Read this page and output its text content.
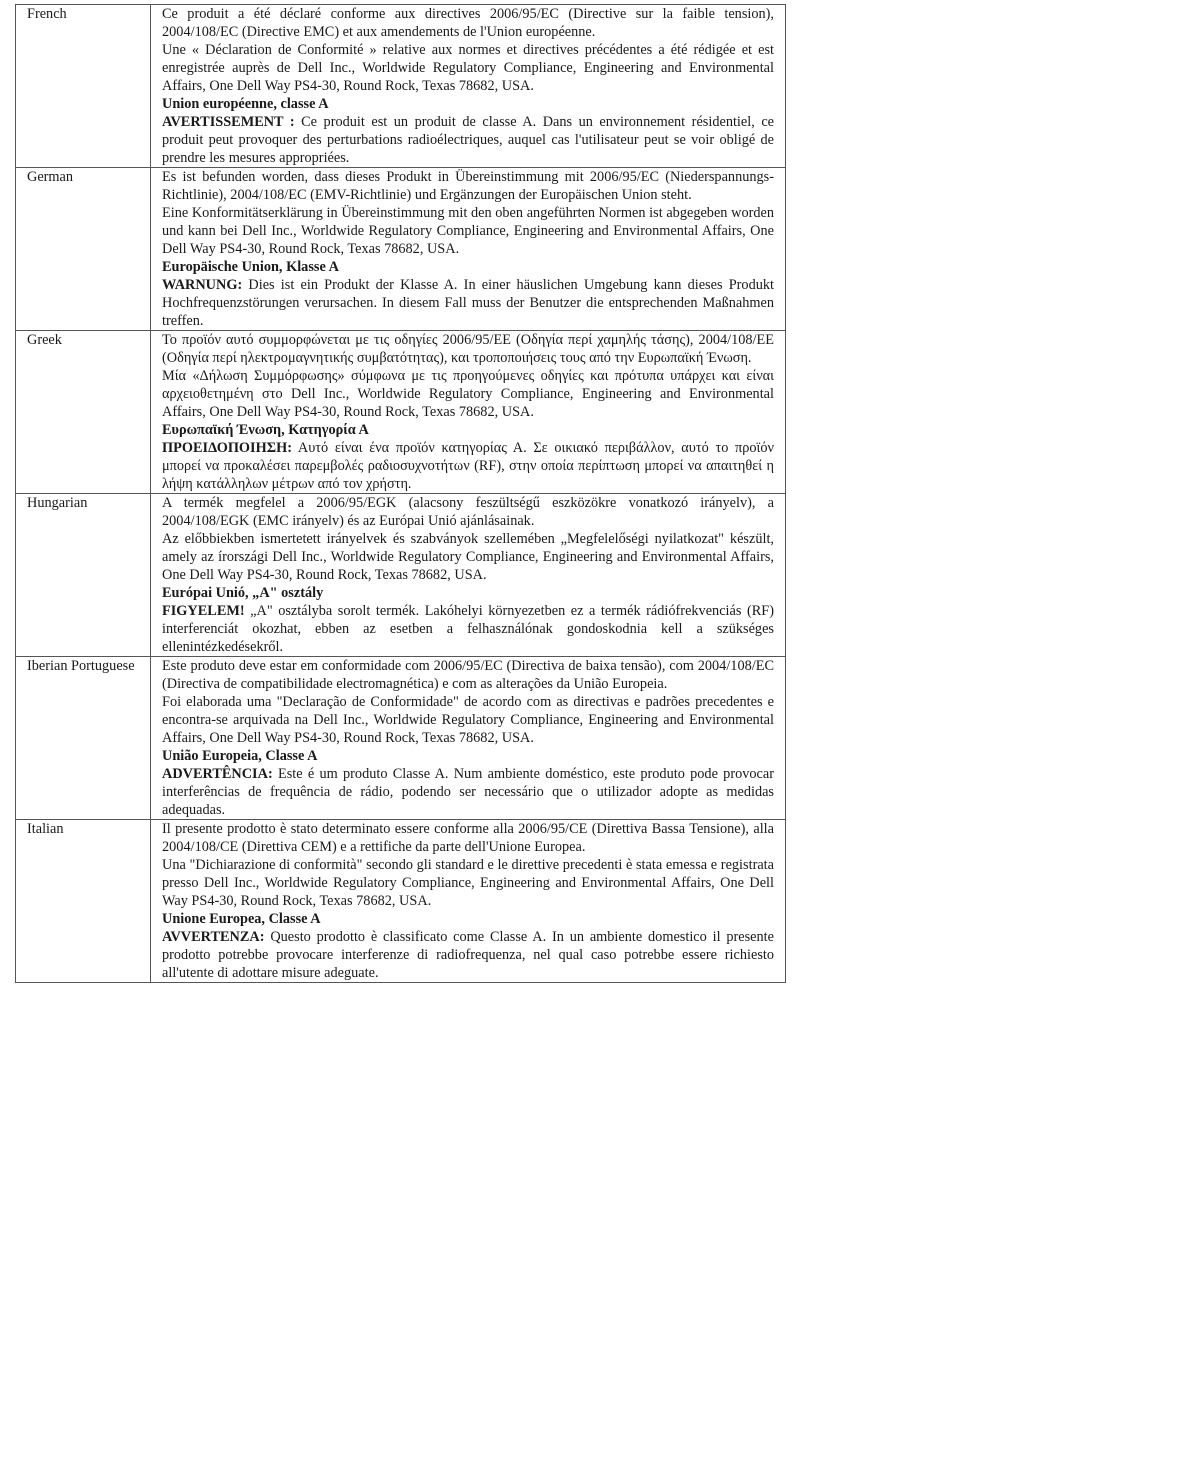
French	Ce produit a été déclaré conforme aux directives 2006/95/EC (Directive sur la faible tension), 2004/108/EC (Directive EMC) et aux amendements de l'Union européenne.

Une « Déclaration de Conformité » relative aux normes et directives précédentes a été rédigée et est enregistrée auprès de Dell Inc., Worldwide Regulatory Compliance, Engineering and Environmental Affairs, One Dell Way PS4-30, Round Rock, Texas 78682, USA.

Union européenne, classe A

AVERTISSEMENT : Ce produit est un produit de classe A. Dans un environnement résidentiel, ce produit peut provoquer des perturbations radioélectriques, auquel cas l'utilisateur peut se voir obligé de prendre les mesures appropriées.

German	Es ist befunden worden, dass dieses Produkt in Übereinstimmung mit 2006/95/EC (Niederspannungs-Richtlinie), 2004/108/EC (EMV-Richtlinie) und Ergänzungen der Europäischen Union steht.

Eine Konformitätserklärung in Übereinstimmung mit den oben angeführten Normen ist abgegeben worden und kann bei Dell Inc., Worldwide Regulatory Compliance, Engineering and Environmental Affairs, One Dell Way PS4-30, Round Rock, Texas 78682, USA.

Europäische Union, Klasse A

WARNUNG: Dies ist ein Produkt der Klasse A. In einer häuslichen Umgebung kann dieses Produkt Hochfrequenzstörungen verursachen. In diesem Fall muss der Benutzer die entsprechenden Maßnahmen treffen.

Greek	Το προϊόν αυτό συμμορφώνεται με τις οδηγίες 2006/95/ΕΕ (Οδηγία περί χαμηλής τάσης), 2004/108/ΕΕ (Οδηγία περί ηλεκτρομαγνητικής συμβατότητας), και τροποποιήσεις τους από την Ευρωπαϊκή Ένωση.

Μία «Δήλωση Συμμόρφωσης» σύμφωνα με τις προηγούμενες οδηγίες και πρότυπα υπάρχει και είναι αρχειοθετημένη στο Dell Inc., Worldwide Regulatory Compliance, Engineering and Environmental Affairs, One Dell Way PS4-30, Round Rock, Texas 78682, USA.

Ευρωπαϊκή Ένωση, Κατηγορία Α

ΠΡΟΕΙΔΟΠΟΙΗΣΗ: Αυτό είναι ένα προϊόν κατηγορίας Α. Σε οικιακό περιβάλλον, αυτό το προϊόν μπορεί να προκαλέσει παρεμβολές ραδιοσυχνοτήτων (RF), στην οποία περίπτωση μπορεί να απαιτηθεί η λήψη κατάλληλων μέτρων από τον χρήστη.

Hungarian	A termék megfelel a 2006/95/EGK (alacsony feszültségű eszközökre vonatkozó irányelv), a 2004/108/EGK (EMC irányelv) és az Európai Unió ajánlásainak.

Az előbbiekben ismertetett irányelvek és szabványok szellemében „Megfelelőségi nyilatkozat" készült, amely az írországi Dell Inc., Worldwide Regulatory Compliance, Engineering and Environmental Affairs, One Dell Way PS4-30, Round Rock, Texas 78682, USA.

Európai Unió, „A" osztály

FIGYELEM! „A" osztályba sorolt termék. Lakóhelyi környezetben ez a termék rádiófrekvenciás (RF) interferenciát okozhat, ebben az esetben a felhasználónak gondoskodnia kell a szükséges ellenintézkedésekről.

Iberian Portuguese	Este produto deve estar em conformidade com 2006/95/EC (Directiva de baixa tensão), com 2004/108/EC (Directiva de compatibilidade electromagnética) e com as alterações da União Europeia.

Foi elaborada uma "Declaração de Conformidade" de acordo com as directivas e padrões precedentes e encontra-se arquivada na Dell Inc., Worldwide Regulatory Compliance, Engineering and Environmental Affairs, One Dell Way PS4-30, Round Rock, Texas 78682, USA.

União Europeia, Classe A

ADVERTÊNCIA: Este é um produto Classe A. Num ambiente doméstico, este produto pode provocar interferências de frequência de rádio, podendo ser necessário que o utilizador adopte as medidas adequadas.

Italian	Il presente prodotto è stato determinato essere conforme alla 2006/95/CE (Direttiva Bassa Tensione), alla 2004/108/CE (Direttiva CEM) e a rettifiche da parte dell'Unione Europea.

Una "Dichiarazione di conformità" secondo gli standard e le direttive precedenti è stata emessa e registrata presso Dell Inc., Worldwide Regulatory Compliance, Engineering and Environmental Affairs, One Dell Way PS4-30, Round Rock, Texas 78682, USA.

Unione Europea, Classe A

AVVERTENZA: Questo prodotto è classificato come Classe A. In un ambiente domestico il presente prodotto potrebbe provocare interferenze di radiofrequenza, nel qual caso potrebbe essere richiesto all'utente di adottare misure adeguate.
